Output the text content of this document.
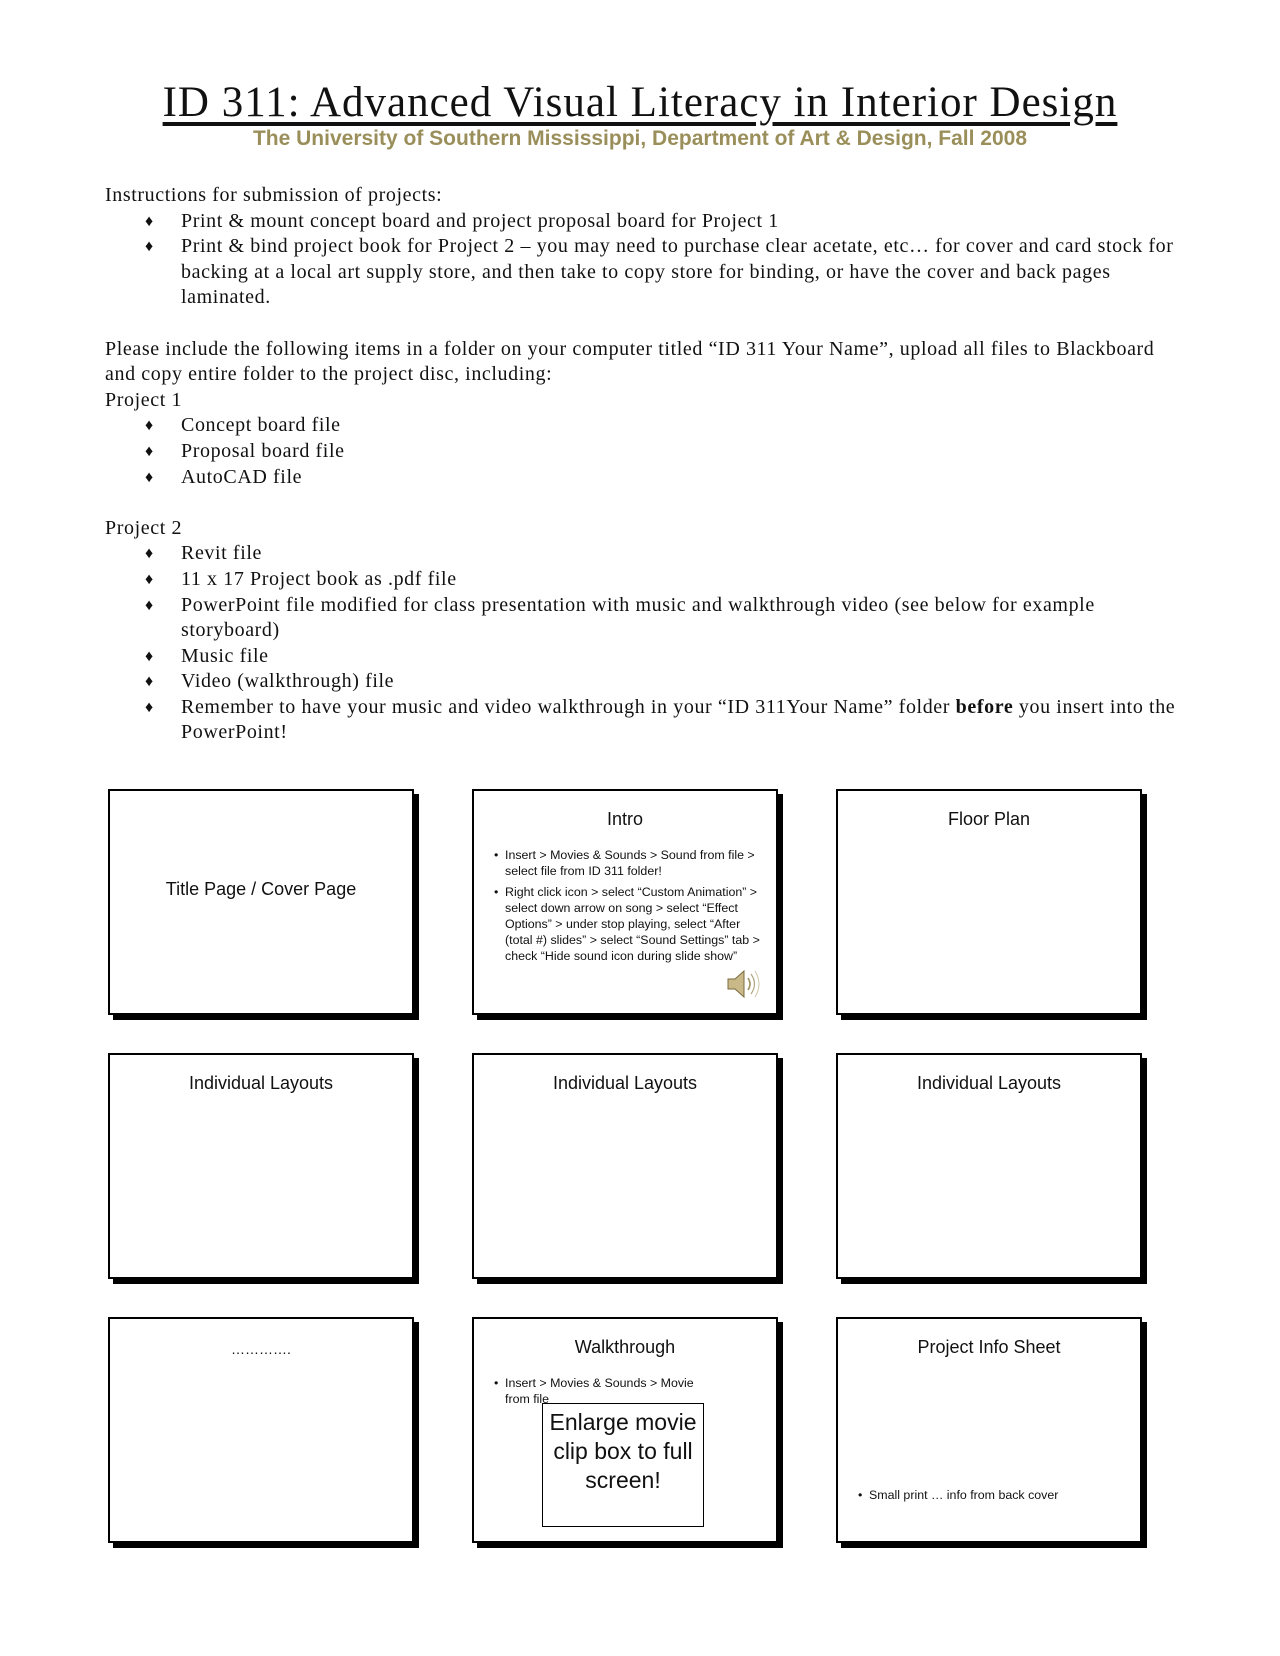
ID 311: Advanced Visual Literacy in Interior Design
The University of Southern Mississippi, Department of Art & Design, Fall 2008

Instructions for submission of projects:

♦ Print & mount concept board and project proposal board for Project 1
♦ Print & bind project book for Project 2 – you may need to purchase clear acetate, etc… for cover and card stock for backing at a local art supply store, and then take to copy store for binding, or have the cover and back pages laminated.

Please include the following items in a folder on your computer titled “ID 311 Your Name”, upload all files to Blackboard and copy entire folder to the project disc, including:

Project 1

♦ Concept board file
♦ Proposal board file
♦ AutoCAD file

Project 2

♦ Revit file
♦ 11 x 17 Project book as .pdf file
♦ PowerPoint file modified for class presentation with music and walkthrough video (see below for example storyboard)
♦ Music file
♦ Video (walkthrough) file
♦ Remember to have your music and video walkthrough in your “ID 311Your Name” folder before you insert into the PowerPoint!
Title Page / Cover Page
Intro
• Insert > Movies & Sounds > Sound from file > select file from ID 311 folder!
• Right click icon > select “Custom Animation” > select down arrow on song > select “Effect Options” > under stop playing, select “After (total #) slides” > select “Sound Settings” tab > check “Hide sound icon during slide show”
Floor Plan
Individual Layouts	Individual Layouts	Individual Layouts
………….	Walkthrough
• Insert > Movies & Sounds > Movie from file
Enlarge movie clip box to full screen!
Project Info Sheet
• Small print … info from back cover
